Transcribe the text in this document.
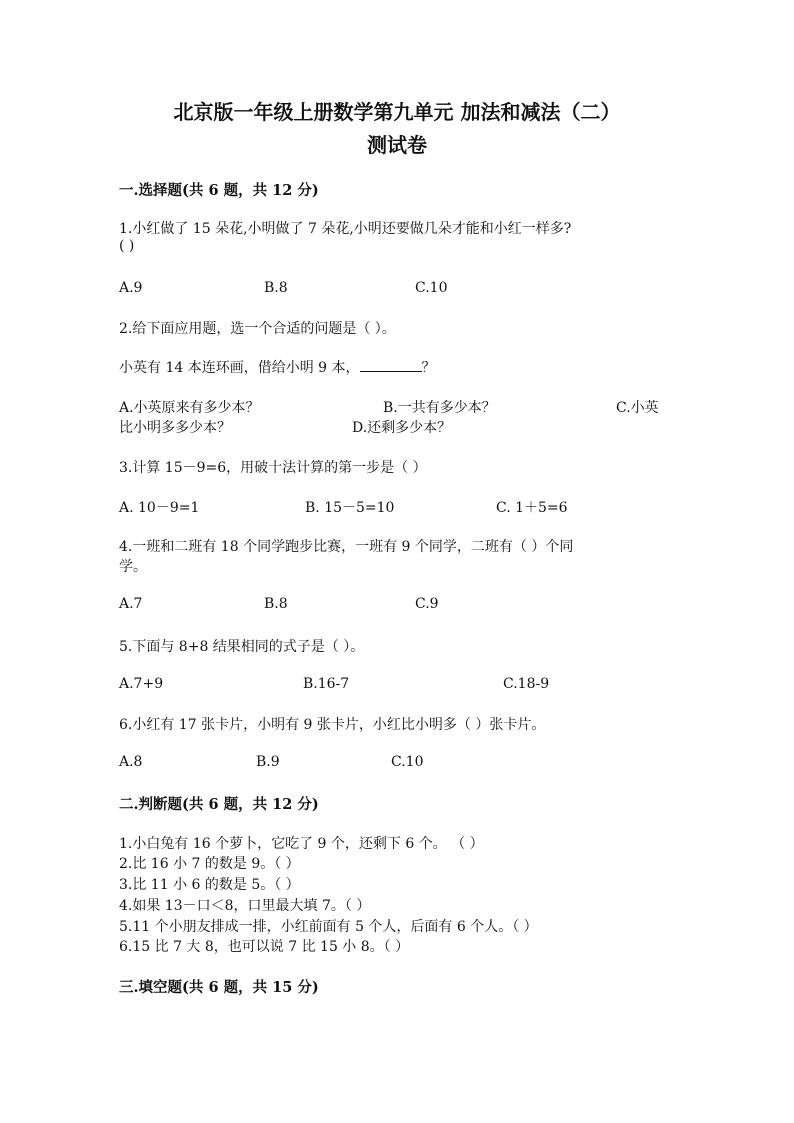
北京版一年级上册数学第九单元 加法和减法（二）
测试卷
一.选择题(共 6 题，共 12 分)
1.小红做了 15 朵花,小明做了 7 朵花,小明还要做几朵才能和小红一样多?
( )
A.9	B.8	C.10
2.给下面应用题，选一个合适的问题是（ ）。
小英有 14 本连环画，借给小明 9 本，	？
A.小英原来有多少本？	B.一共有多少本？	C.小英
比小明多多少本？	D.还剩多少本？
3.计算 15－9=6，用破十法计算的第一步是（ ）
A. 10－9=1	B. 15－5=10	C. 1＋5=6
4.一班和二班有 18 个同学跑步比赛，一班有 9 个同学，二班有（ ）个同
学。
A.7	B.8	C.9
5.下面与 8+8 结果相同的式子是（ ）。
A.7+9	B.16-7	C.18-9
6.小红有 17 张卡片，小明有 9 张卡片，小红比小明多（ ）张卡片。
A.8	B.9	C.10
二.判断题(共 6 题，共 12 分)
1.小白兔有 16 个萝卜，它吃了 9 个，还剩下 6 个。 （ ）
2.比 16 小 7 的数是 9。（ ）
3.比 11 小 6 的数是 5。（ ）
4.如果 13－口＜8，口里最大填 7。（ ）
5.11 个小朋友排成一排，小红前面有 5 个人，后面有 6 个人。（ ）
6.15 比 7 大 8，也可以说 7 比 15 小 8。（ ）
三.填空题(共 6 题，共 15 分)
